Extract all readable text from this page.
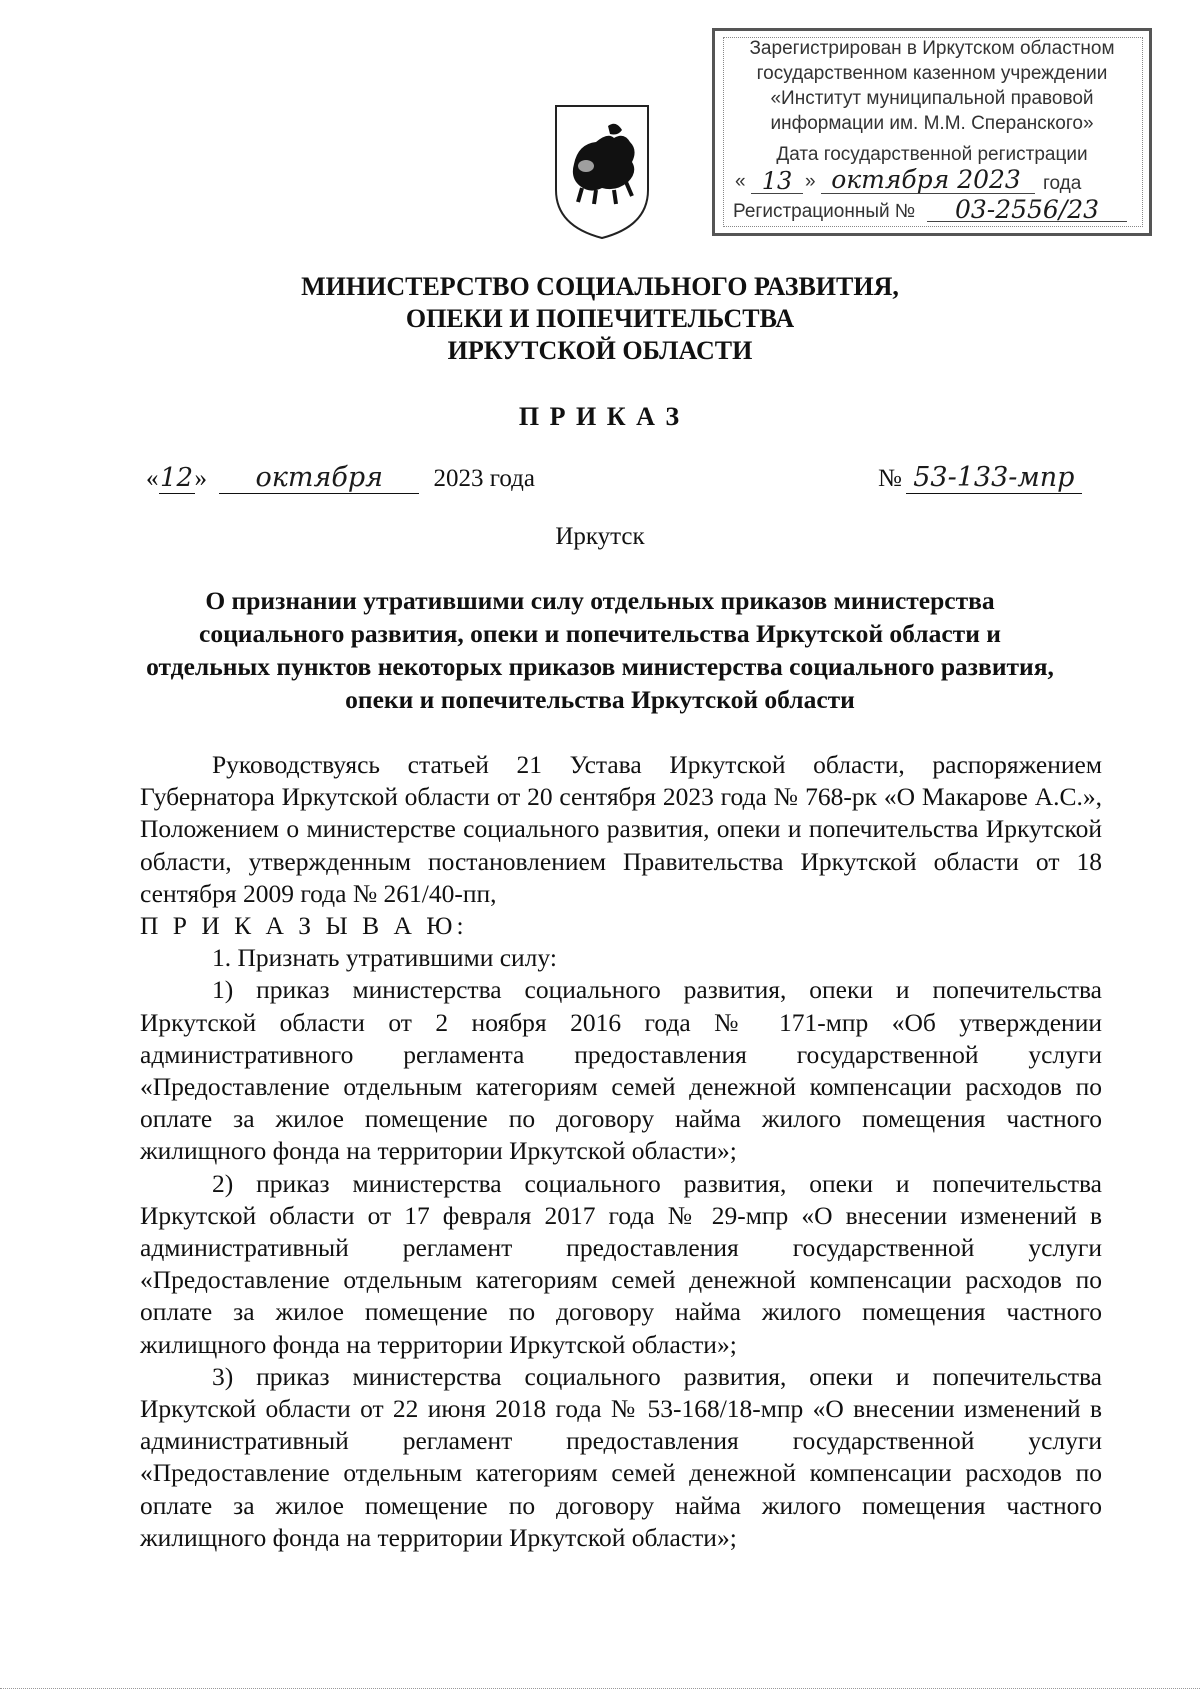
Зарегистрирован в Иркутском областном
государственном казенном учреждении
«Институт муниципальной правовой
информации им. М.М. Сперанского»
Дата государственной регистрации
« 13 » октября 2023	года
Регистрационный №	03-2556/23
МИНИСТЕРСТВО СОЦИАЛЬНОГО РАЗВИТИЯ,
ОПЕКИ И ПОПЕЧИТЕЛЬСТВА
ИРКУТСКОЙ ОБЛАСТИ
П Р И К А З
«12» октября 2023 года	№ 53-133-мпр
Иркутск
О признании утратившими силу отдельных приказов министерства социального развития, опеки и попечительства Иркутской области и отдельных пунктов некоторых приказов министерства социального развития, опеки и попечительства Иркутской области

Руководствуясь статьей 21 Устава Иркутской области, распоряжением Губернатора Иркутской области от 20 сентября 2023 года № 768-рк «О Макарове А.С.», Положением о министерстве социального развития, опеки и попечительства Иркутской области, утвержденным постановлением Правительства Иркутской области от 18 сентября 2009 года № 261/40-пп,

П Р И К А З Ы В А Ю:

1. Признать утратившими силу:

1) приказ министерства социального развития, опеки и попечительства Иркутской области от 2 ноября 2016 года № 171-мпр «Об утверждении административного регламента предоставления государственной услуги «Предоставление отдельным категориям семей денежной компенсации расходов по оплате за жилое помещение по договору найма жилого помещения частного жилищного фонда на территории Иркутской области»;

2) приказ министерства социального развития, опеки и попечительства Иркутской области от 17 февраля 2017 года № 29-мпр «О внесении изменений в административный регламент предоставления государственной услуги «Предоставление отдельным категориям семей денежной компенсации расходов по оплате за жилое помещение по договору найма жилого помещения частного жилищного фонда на территории Иркутской области»;

3) приказ министерства социального развития, опеки и попечительства Иркутской области от 22 июня 2018 года № 53-168/18-мпр «О внесении изменений в административный регламент предоставления государственной услуги «Предоставление отдельным категориям семей денежной компенсации расходов по оплате за жилое помещение по договору найма жилого помещения частного жилищного фонда на территории Иркутской области»;
